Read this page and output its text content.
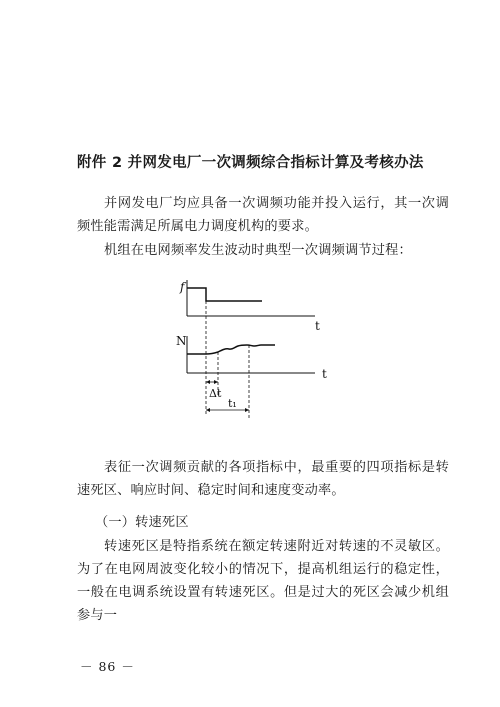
附件 2 并网发电厂一次调频综合指标计算及考核办法
并网发电厂均应具备一次调频功能并投入运行，其一次调频性能需满足所属电力调度机构的要求。
机组在电网频率发生波动时典型一次调频调节过程：
f
t
N
t
Δt
t₁
表征一次调频贡献的各项指标中，最重要的四项指标是转速死区、响应时间、稳定时间和速度变动率。
（一）转速死区
转速死区是特指系统在额定转速附近对转速的不灵敏区。为了在电网周波变化较小的情况下，提高机组运行的稳定性，一般在电调系统设置有转速死区。但是过大的死区会减少机组参与一
－ 86 －
